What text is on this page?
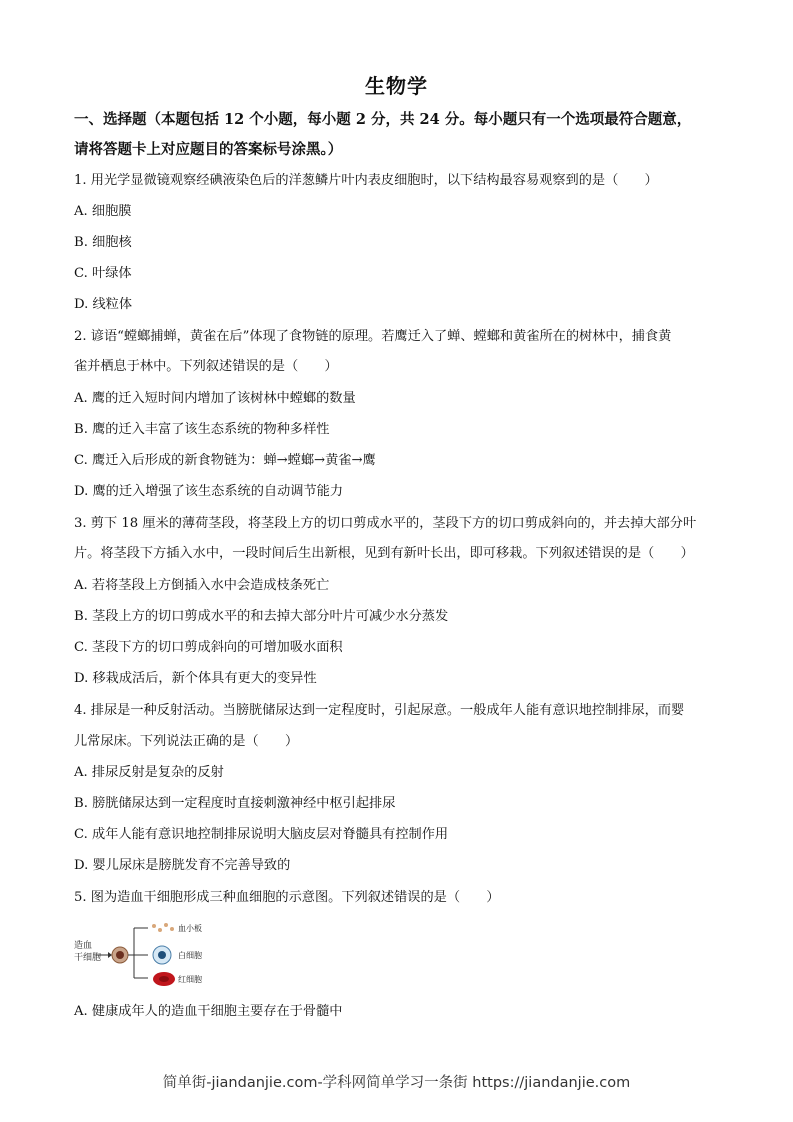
生物学
一、选择题（本题包括 12 个小题，每小题 2 分，共 24 分。每小题只有一个选项最符合题意，
请将答题卡上对应题目的答案标号涂黑。）
1. 用光学显微镜观察经碘液染色后的洋葱鳞片叶内表皮细胞时，以下结构最容易观察到的是（　　）
A. 细胞膜
B. 细胞核
C. 叶绿体
D. 线粒体
2. 谚语“螳螂捕蝉，黄雀在后”体现了食物链的原理。若鹰迁入了蝉、螳螂和黄雀所在的树林中，捕食黄
雀并栖息于林中。下列叙述错误的是（　　）
A. 鹰的迁入短时间内增加了该树林中螳螂的数量
B. 鹰的迁入丰富了该生态系统的物种多样性
C. 鹰迁入后形成的新食物链为：蝉→螳螂→黄雀→鹰
D. 鹰的迁入增强了该生态系统的自动调节能力
3. 剪下 18 厘米的薄荷茎段，将茎段上方的切口剪成水平的，茎段下方的切口剪成斜向的，并去掉大部分叶
片。将茎段下方插入水中，一段时间后生出新根，见到有新叶长出，即可移栽。下列叙述错误的是（　　）
A. 若将茎段上方倒插入水中会造成枝条死亡
B. 茎段上方的切口剪成水平的和去掉大部分叶片可减少水分蒸发
C. 茎段下方的切口剪成斜向的可增加吸水面积
D. 移栽成活后，新个体具有更大的变异性
4. 排尿是一种反射活动。当膀胱储尿达到一定程度时，引起尿意。一般成年人能有意识地控制排尿，而婴
儿常尿床。下列说法正确的是（　　）
A. 排尿反射是复杂的反射
B. 膀胱储尿达到一定程度时直接刺激神经中枢引起排尿
C. 成年人能有意识地控制排尿说明大脑皮层对脊髓具有控制作用
D. 婴儿尿床是膀胱发育不完善导致的
5. 图为造血干细胞形成三种血细胞的示意图。下列叙述错误的是（　　）
造血
干细胞
血小板
白细胞
红细胞
A. 健康成年人的造血干细胞主要存在于骨髓中
简单街-jiandanjie.com-学科网简单学习一条街 https://jiandanjie.com
